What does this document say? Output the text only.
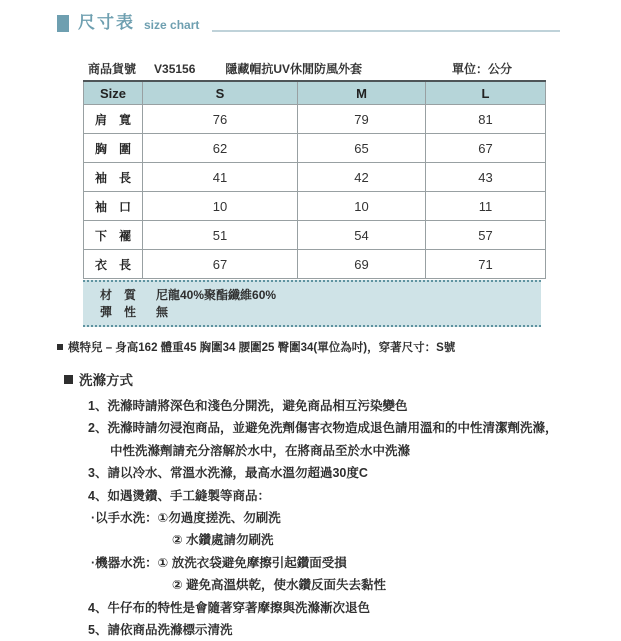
尺寸表 size chart
商品貨號 V35156	隱藏帽抗UV休閒防風外套	單位：公分
Size	S	M	L
肩　寬	76	79	81
胸　圍	62	65	67
袖　長	41	42	43
袖　口	10	10	11
下　襬	51	54	57
衣　長	67	69	71
材　質	尼龍40%聚酯纖維60%
彈　性	無
模特兒 – 身高162 體重45 胸圍34 腰圍25 臀圍34(單位為吋)，穿著尺寸：S號
洗滌方式
1、洗滌時請將深色和淺色分開洗，避免商品相互污染變色
2、洗滌時請勿浸泡商品，並避免洗劑傷害衣物造成退色請用溫和的中性清潔劑洗滌，
中性洗滌劑請充分溶解於水中，在將商品至於水中洗滌
3、請以冷水、常溫水洗滌，最高水溫勿超過30度C
4、如遇燙鑽、手工縫製等商品：
·以手水洗：①勿過度搓洗、勿刷洗
② 水鑽處請勿刷洗
·機器水洗：① 放洗衣袋避免摩擦引起鑽面受損
② 避免高溫烘乾，使水鑽反面失去黏性
4、牛仔布的特性是會隨著穿著摩擦與洗滌漸次退色
5、請依商品洗滌標示清洗
